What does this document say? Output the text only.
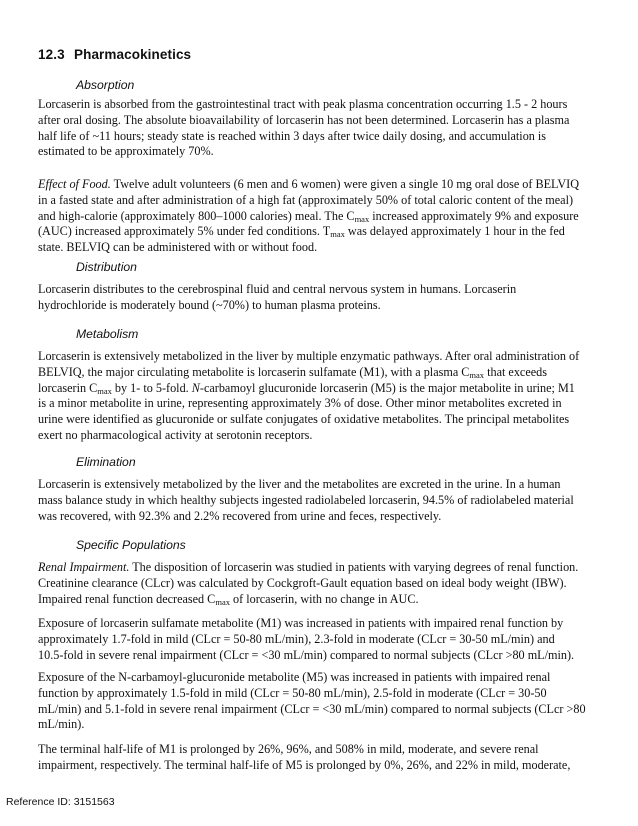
12.3 Pharmacokinetics
Absorption
Lorcaserin is absorbed from the gastrointestinal tract with peak plasma concentration occurring 1.5 - 2 hours
after oral dosing. The absolute bioavailability of lorcaserin has not been determined. Lorcaserin has a plasma
half life of ~11 hours; steady state is reached within 3 days after twice daily dosing, and accumulation is
estimated to be approximately 70%.
Effect of Food. Twelve adult volunteers (6 men and 6 women) were given a single 10 mg oral dose of BELVIQ
in a fasted state and after administration of a high fat (approximately 50% of total caloric content of the meal)
and high-calorie (approximately 800–1000 calories) meal. The $C_{max}$ increased approximately 9% and exposure
(AUC) increased approximately 5% under fed conditions. $T_{max}$ was delayed approximately 1 hour in the fed
state. BELVIQ can be administered with or without food.
Distribution
Lorcaserin distributes to the cerebrospinal fluid and central nervous system in humans. Lorcaserin
hydrochloride is moderately bound (~70%) to human plasma proteins.
Metabolism
Lorcaserin is extensively metabolized in the liver by multiple enzymatic pathways. After oral administration of
BELVIQ, the major circulating metabolite is lorcaserin sulfamate (M1), with a plasma $C_{max}$ that exceeds
lorcaserin $C_{max}$ by 1- to 5-fold. N-carbamoyl glucuronide lorcaserin (M5) is the major metabolite in urine; M1
is a minor metabolite in urine, representing approximately 3% of dose. Other minor metabolites excreted in
urine were identified as glucuronide or sulfate conjugates of oxidative metabolites. The principal metabolites
exert no pharmacological activity at serotonin receptors.
Elimination
Lorcaserin is extensively metabolized by the liver and the metabolites are excreted in the urine. In a human
mass balance study in which healthy subjects ingested radiolabeled lorcaserin, 94.5% of radiolabeled material
was recovered, with 92.3% and 2.2% recovered from urine and feces, respectively.
Specific Populations
Renal Impairment. The disposition of lorcaserin was studied in patients with varying degrees of renal function.
Creatinine clearance (CLcr) was calculated by Cockgroft-Gault equation based on ideal body weight (IBW).
Impaired renal function decreased $C_{max}$ of lorcaserin, with no change in AUC.
Exposure of lorcaserin sulfamate metabolite (M1) was increased in patients with impaired renal function by
approximately 1.7-fold in mild (CLcr = 50-80 mL/min), 2.3-fold in moderate (CLcr = 30-50 mL/min) and
10.5-fold in severe renal impairment (CLcr = <30 mL/min) compared to normal subjects (CLcr >80 mL/min).
Exposure of the N-carbamoyl-glucuronide metabolite (M5) was increased in patients with impaired renal
function by approximately 1.5-fold in mild (CLcr = 50-80 mL/min), 2.5-fold in moderate (CLcr = 30-50
mL/min) and 5.1-fold in severe renal impairment (CLcr = <30 mL/min) compared to normal subjects (CLcr >80
mL/min).
The terminal half-life of M1 is prolonged by 26%, 96%, and 508% in mild, moderate, and severe renal
impairment, respectively. The terminal half-life of M5 is prolonged by 0%, 26%, and 22% in mild, moderate,
Reference ID: 3151563
